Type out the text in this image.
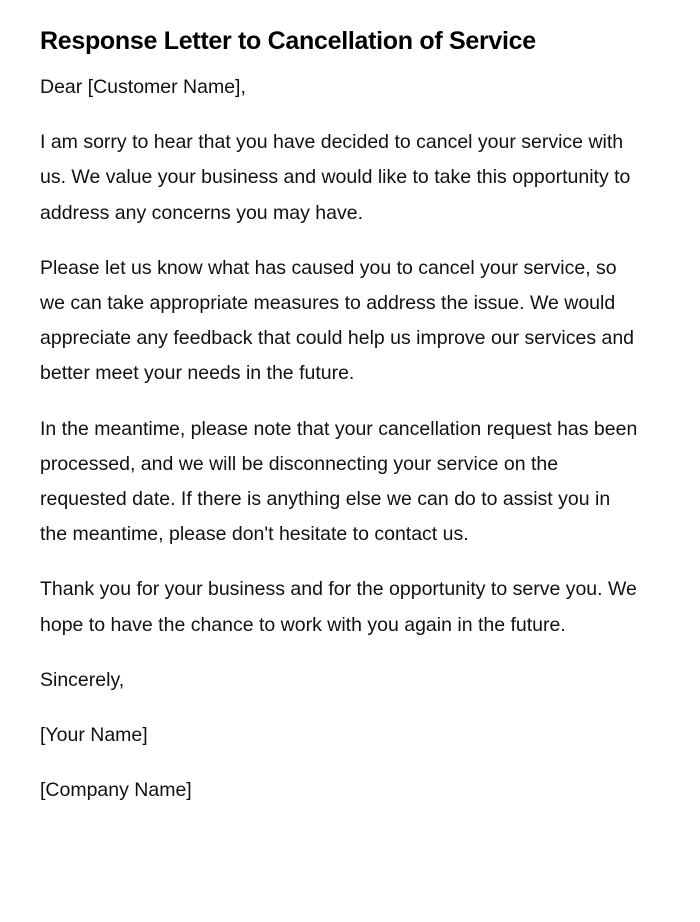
Response Letter to Cancellation of Service

Dear [Customer Name],

I am sorry to hear that you have decided to cancel your service with us. We value your business and would like to take this opportunity to address any concerns you may have.

Please let us know what has caused you to cancel your service, so we can take appropriate measures to address the issue. We would appreciate any feedback that could help us improve our services and better meet your needs in the future.

In the meantime, please note that your cancellation request has been processed, and we will be disconnecting your service on the requested date. If there is anything else we can do to assist you in the meantime, please don't hesitate to contact us.

Thank you for your business and for the opportunity to serve you. We hope to have the chance to work with you again in the future.

Sincerely,

[Your Name]

[Company Name]
